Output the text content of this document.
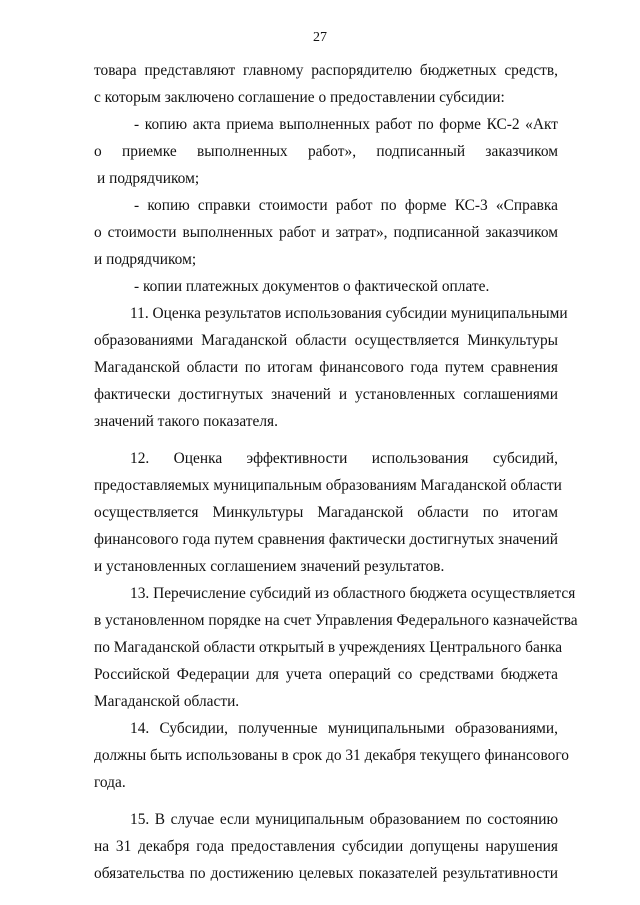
27
товара представляют главному распорядителю бюджетных средств,
с которым заключено соглашение о предоставлении субсидии:
- копию акта приема выполненных работ по форме КС-2 «Акт
о приемке выполненных работ», подписанный заказчиком
и подрядчиком;
- копию справки стоимости работ по форме КС-3 «Справка
о стоимости выполненных работ и затрат», подписанной заказчиком
и подрядчиком;
- копии платежных документов о фактической оплате.
11. Оценка результатов использования субсидии муниципальными
образованиями Магаданской области осуществляется Минкультуры
Магаданской области по итогам финансового года путем сравнения
фактически достигнутых значений и установленных соглашениями
значений такого показателя.
12. Оценка эффективности использования субсидий,
предоставляемых муниципальным образованиям Магаданской области
осуществляется Минкультуры Магаданской области по итогам
финансового года путем сравнения фактически достигнутых значений
и установленных соглашением значений результатов.
13. Перечисление субсидий из областного бюджета осуществляется
в установленном порядке на счет Управления Федерального казначейства
по Магаданской области открытый в учреждениях Центрального банка
Российской Федерации для учета операций со средствами бюджета
Магаданской области.
14. Субсидии, полученные муниципальными образованиями,
должны быть использованы в срок до 31 декабря текущего финансового
года.
15. В случае если муниципальным образованием по состоянию
на 31 декабря года предоставления субсидии допущены нарушения
обязательства по достижению целевых показателей результативности
